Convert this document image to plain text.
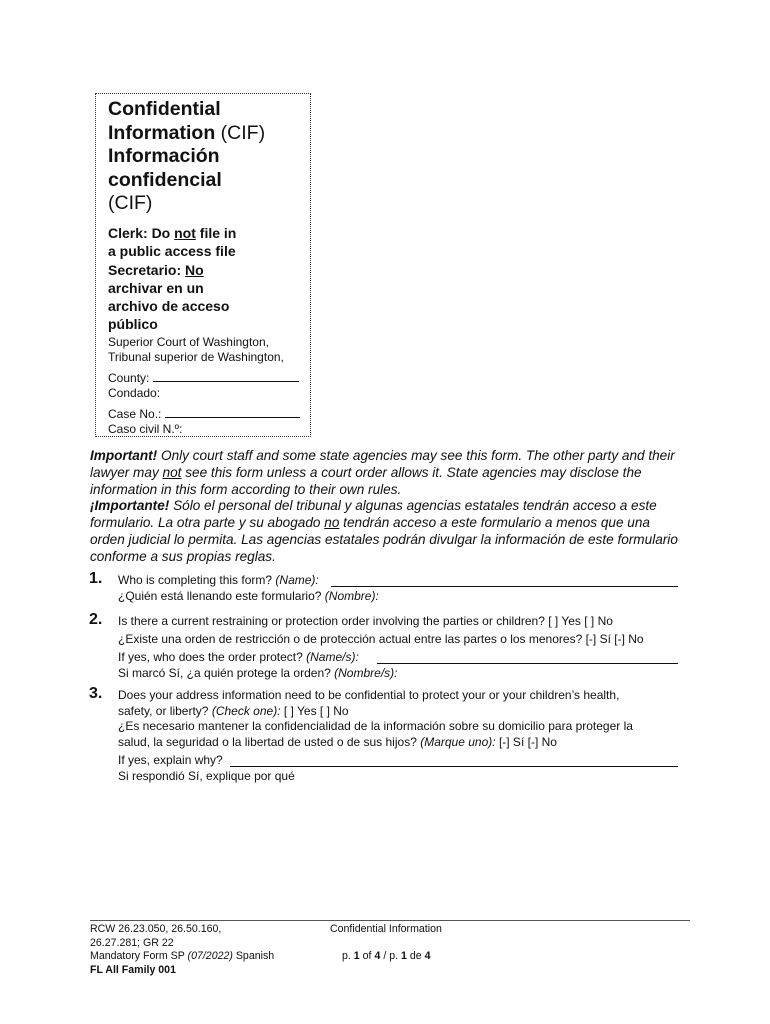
Confidential
Information (CIF)
Información
confidencial
(CIF)
Clerk: Do not file in
a public access file
Secretario: No
archivar en un
archivo de acceso
público
Superior Court of Washington,
Tribunal superior de Washington,
County:
Condado:
Case No.:
Caso civil N.º:
Important! Only court staff and some state agencies may see this form. The other party and their lawyer may not see this form unless a court order allows it. State agencies may disclose the information in this form according to their own rules.
¡Importante! Sólo el personal del tribunal y algunas agencias estatales tendrán acceso a este formulario. La otra parte y su abogado no tendrán acceso a este formulario a menos que una orden judicial lo permita. Las agencias estatales podrán divulgar la información de este formulario conforme a sus propias reglas.
1. Who is completing this form? (Name):
¿Quién está llenando este formulario? (Nombre):
2. Is there a current restraining or protection order involving the parties or children? [ ] Yes [ ] No
¿Existe una orden de restricción o de protección actual entre las partes o los menores? [-] Sí [-] No
If yes, who does the order protect? (Name/s):
Si marcó Sí, ¿a quién protege la orden? (Nombre/s):
3. Does your address information need to be confidential to protect your or your children’s health,
safety, or liberty? (Check one): [ ] Yes [ ] No
¿Es necesario mantener la confidencialidad de la información sobre su domicilio para proteger la
salud, la seguridad o la libertad de usted o de sus hijos? (Marque uno): [-] Sí [-] No
If yes, explain why?
Si respondió Sí, explique por qué
RCW 26.23.050, 26.50.160,
26.27.281; GR 22
Mandatory Form SP (07/2022) Spanish
FL All Family 001
Confidential Information
p. 1 of 4 / p. 1 de 4
